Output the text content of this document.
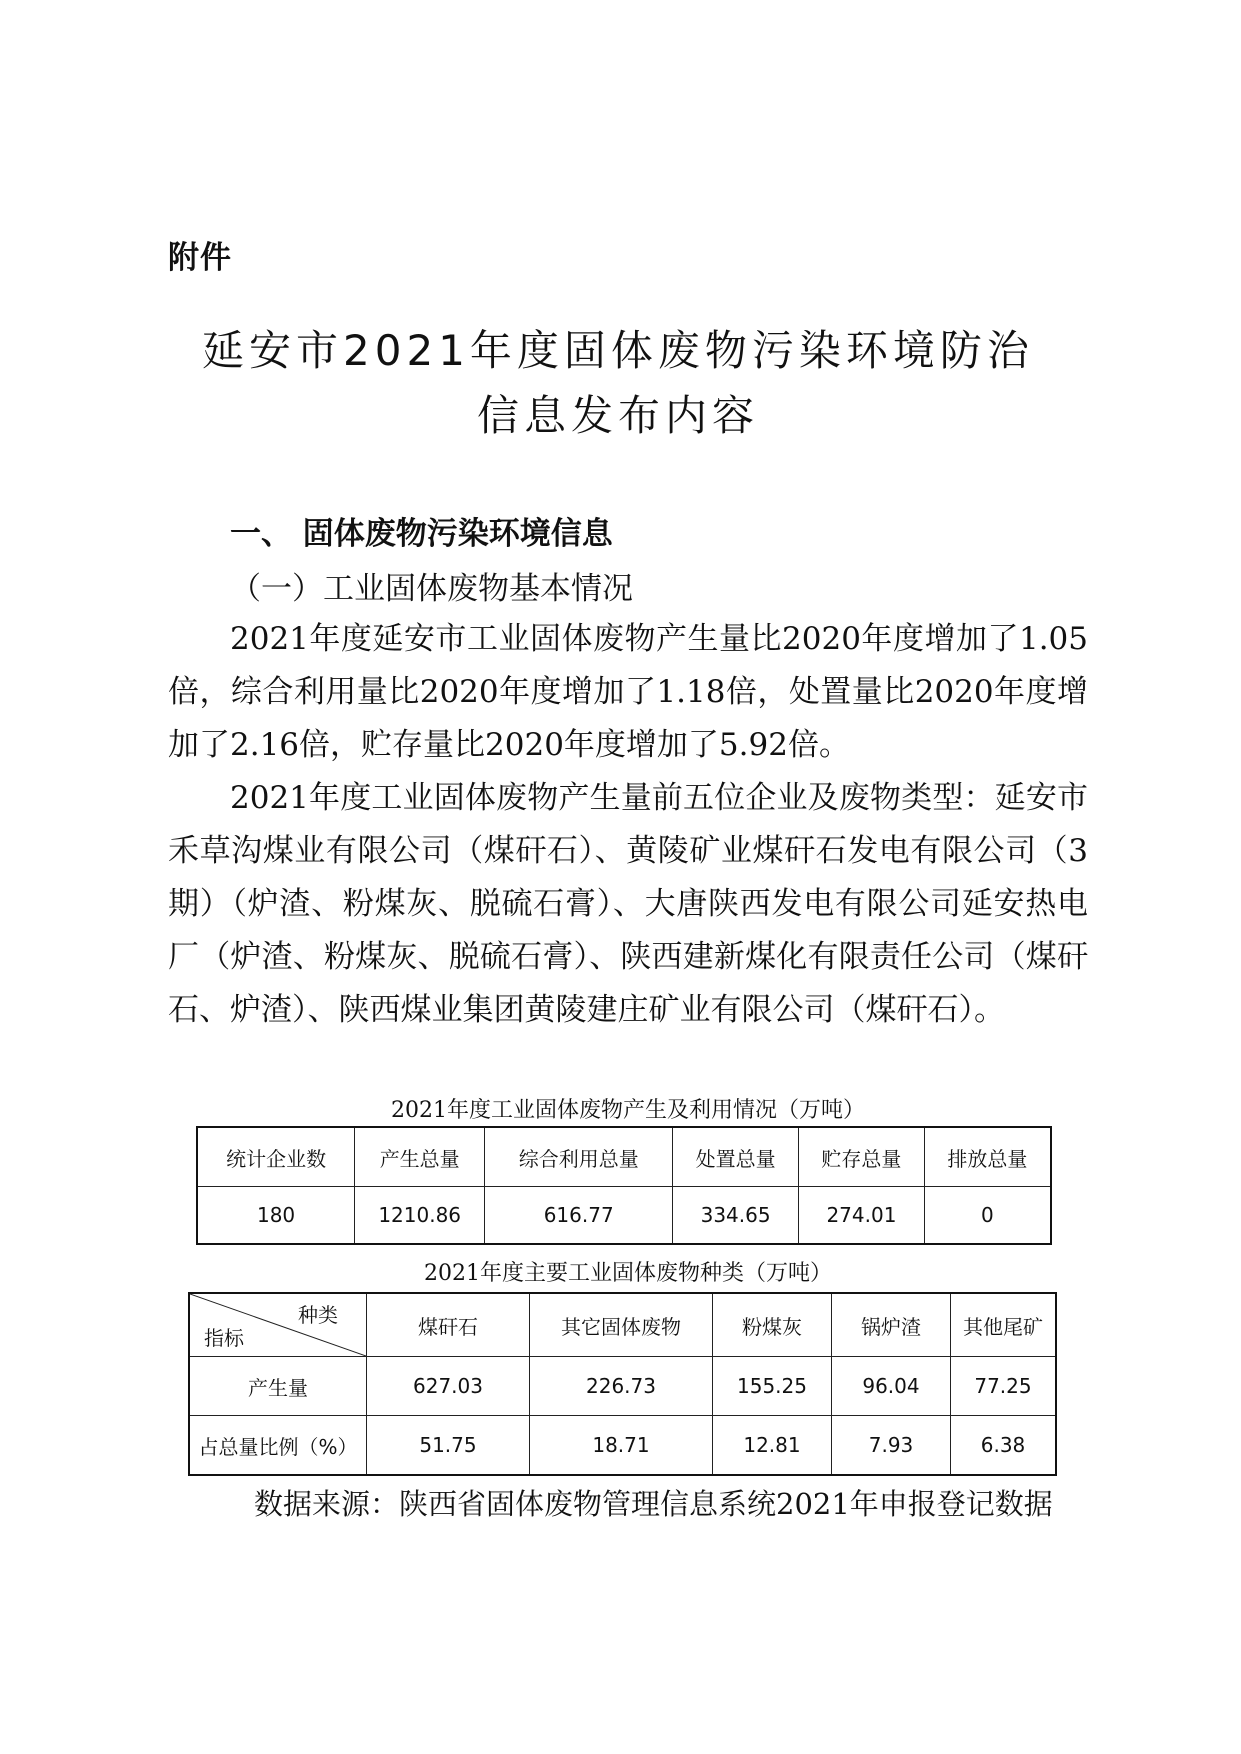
附件
延安市2021年度固体废物污染环境防治
信息发布内容
一、 固体废物污染环境信息
（一）工业固体废物基本情况

2021年度延安市工业固体废物产生量比2020年度增加了1.05倍，综合利用量比2020年度增加了1.18倍，处置量比2020年度增加了2.16倍，贮存量比2020年度增加了5.92倍。

2021年度工业固体废物产生量前五位企业及废物类型：延安市禾草沟煤业有限公司（煤矸石）、黄陵矿业煤矸石发电有限公司（3期）（炉渣、粉煤灰、脱硫石膏）、大唐陕西发电有限公司延安热电厂（炉渣、粉煤灰、脱硫石膏）、陕西建新煤化有限责任公司（煤矸石、炉渣）、陕西煤业集团黄陵建庄矿业有限公司（煤矸石）。

2021年度工业固体废物产生及利用情况（万吨）
统计企业数	产生总量	综合利用总量	处置总量	贮存总量	排放总量
180	1210.86	616.77	334.65	274.01	0
2021年度主要工业固体废物种类（万吨）
种类
指标	煤矸石	其它固体废物	粉煤灰	锅炉渣	其他尾矿
产生量	627.03	226.73	155.25	96.04	77.25
占总量比例（%）	51.75	18.71	12.81	7.93	6.38
数据来源：陕西省固体废物管理信息系统2021年申报登记数据
